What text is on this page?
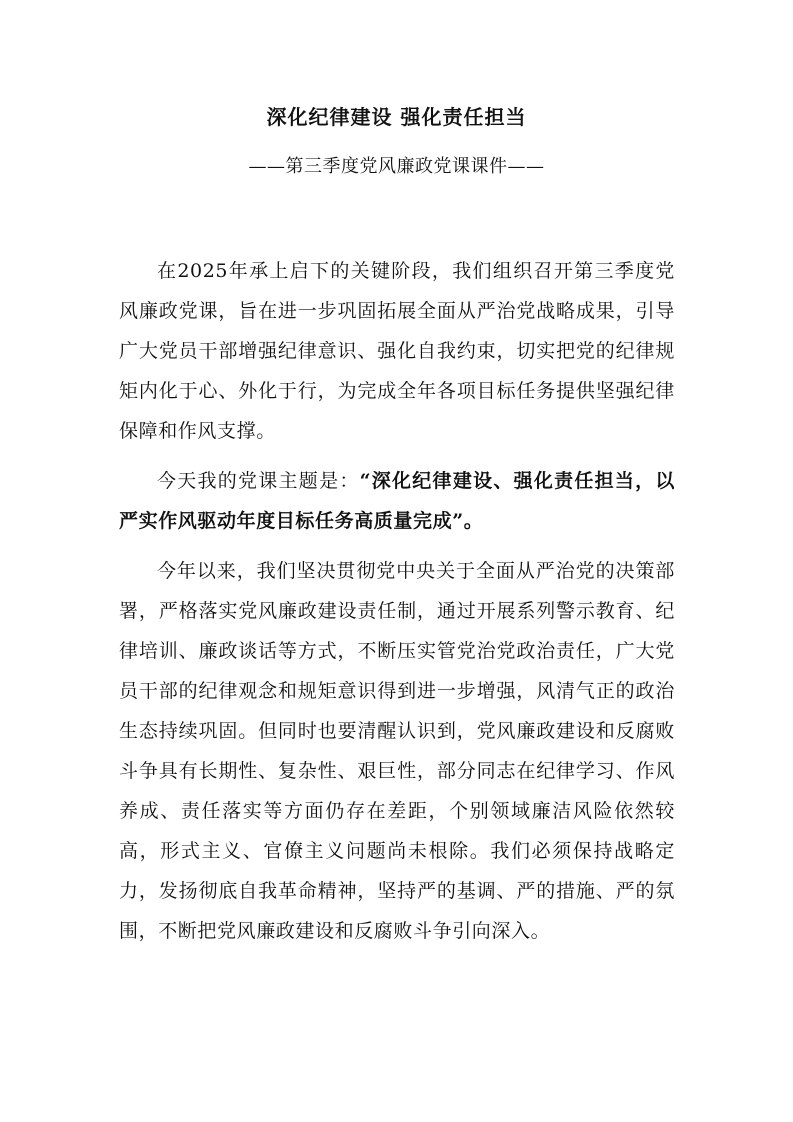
深化纪律建设 强化责任担当
——第三季度党风廉政党课课件——

在2025年承上启下的关键阶段，我们组织召开第三季度党风廉政党课，旨在进一步巩固拓展全面从严治党战略成果，引导广大党员干部增强纪律意识、强化自我约束，切实把党的纪律规矩内化于心、外化于行，为完成全年各项目标任务提供坚强纪律保障和作风支撑。

今天我的党课主题是：“深化纪律建设、强化责任担当，以严实作风驱动年度目标任务高质量完成”。

今年以来，我们坚决贯彻党中央关于全面从严治党的决策部署，严格落实党风廉政建设责任制，通过开展系列警示教育、纪律培训、廉政谈话等方式，不断压实管党治党政治责任，广大党员干部的纪律观念和规矩意识得到进一步增强，风清气正的政治生态持续巩固。但同时也要清醒认识到，党风廉政建设和反腐败斗争具有长期性、复杂性、艰巨性，部分同志在纪律学习、作风养成、责任落实等方面仍存在差距，个别领域廉洁风险依然较高，形式主义、官僚主义问题尚未根除。我们必须保持战略定力，发扬彻底自我革命精神，坚持严的基调、严的措施、严的氛围，不断把党风廉政建设和反腐败斗争引向深入。
